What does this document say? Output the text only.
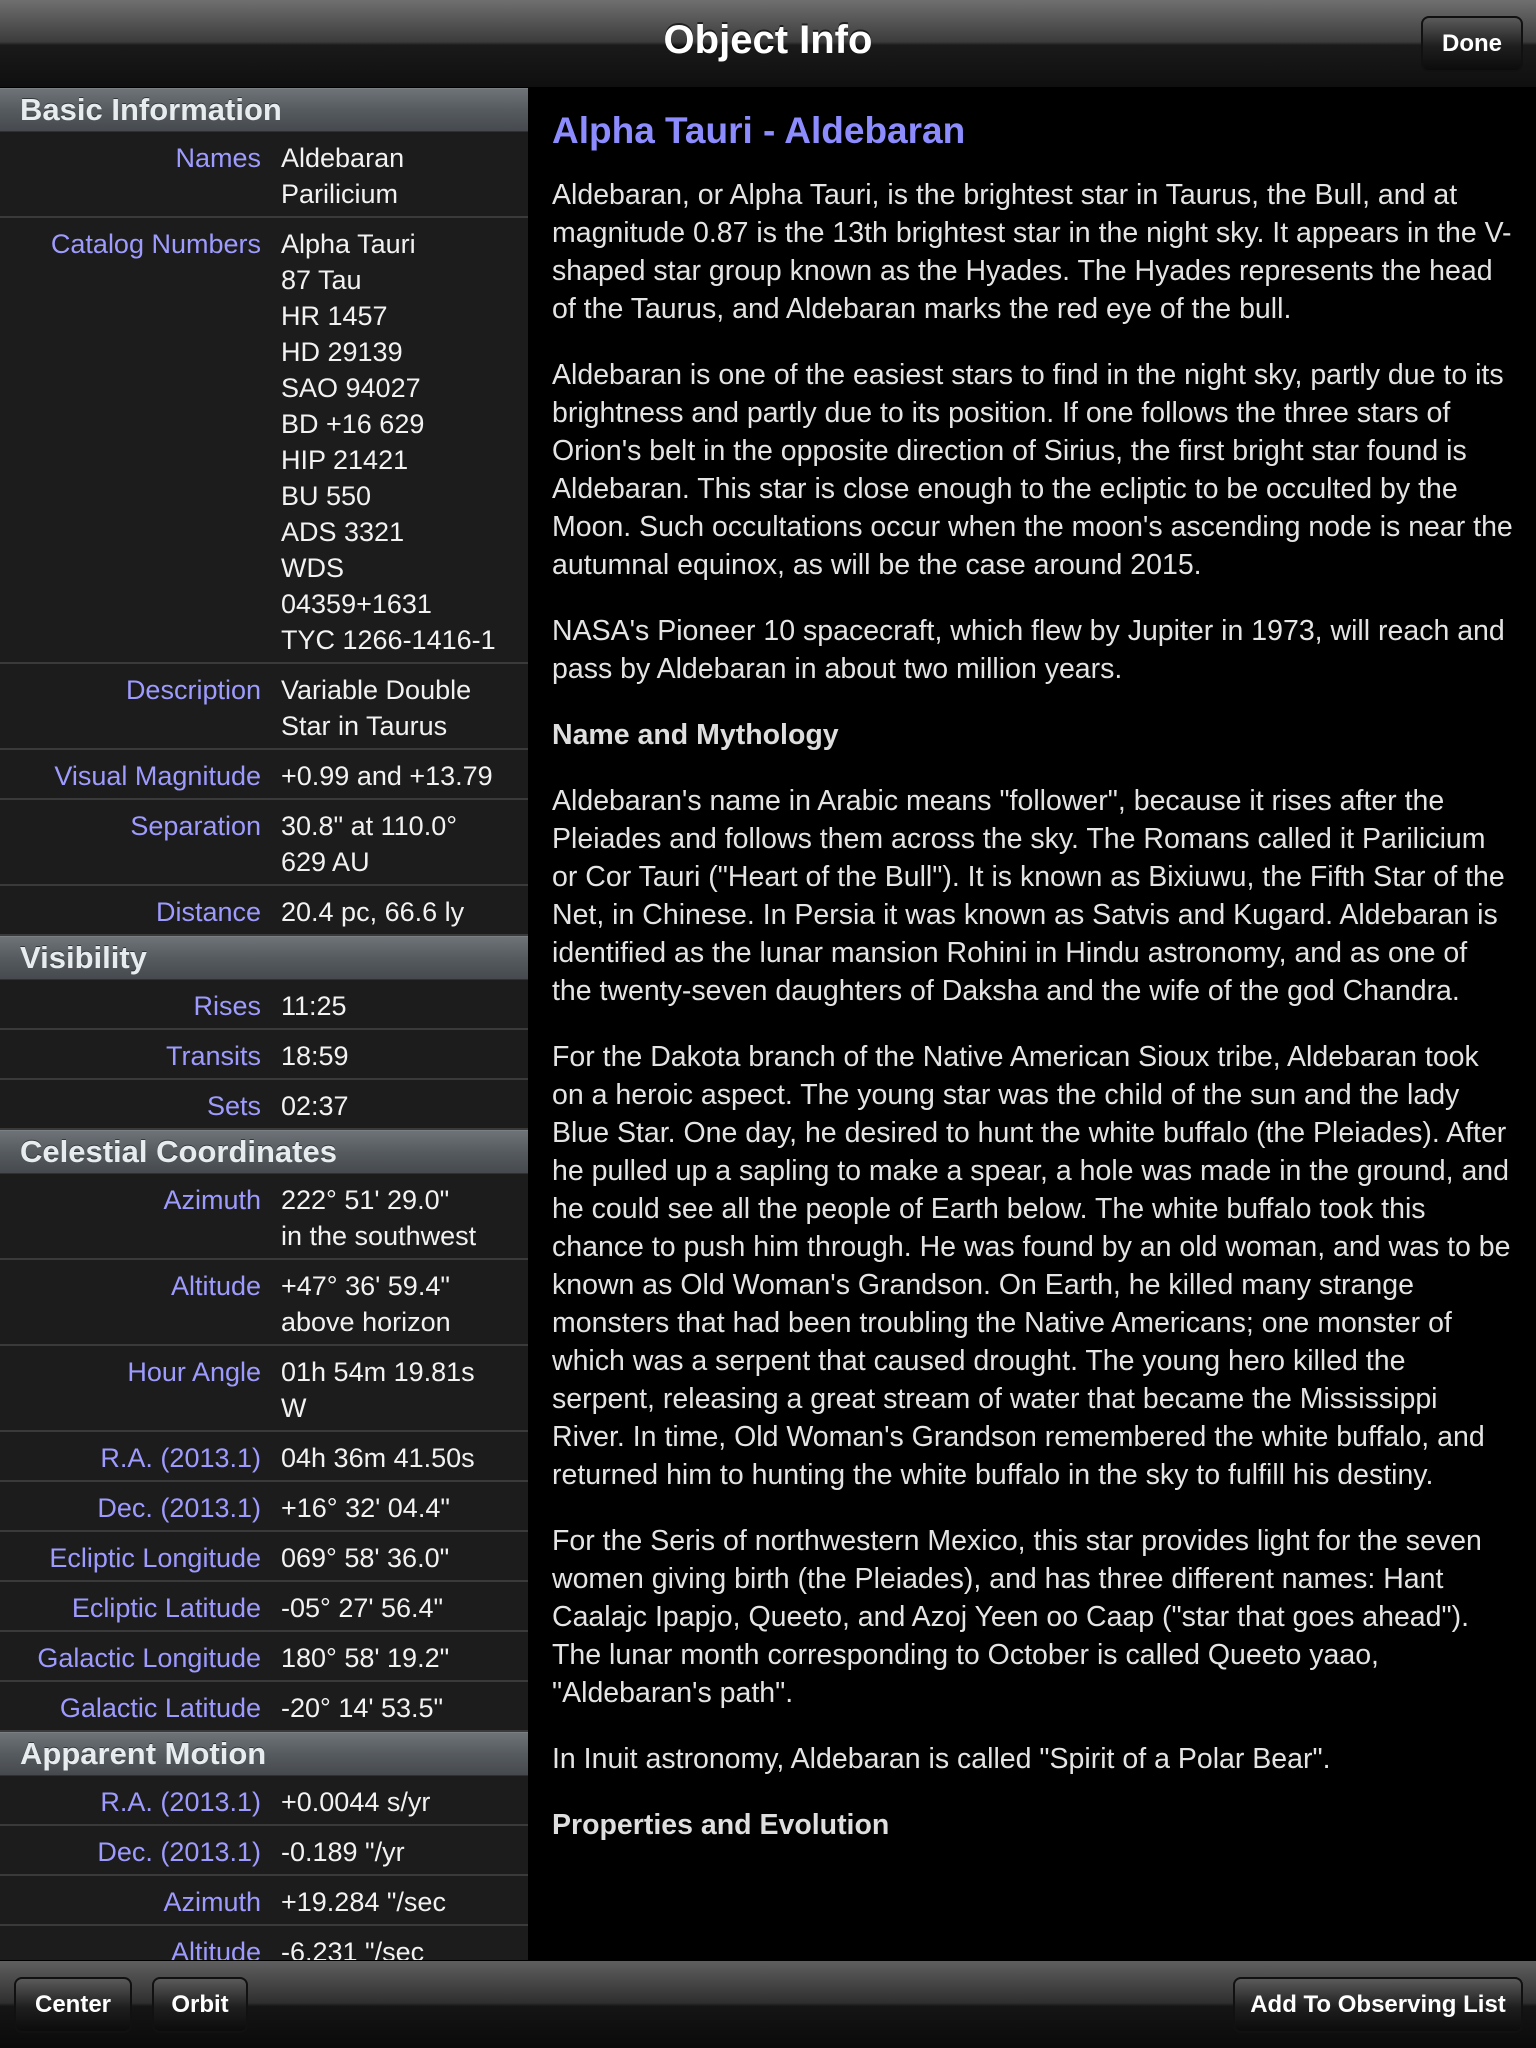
Object Info	Done
Basic Information
Names Aldebaran
Parilicium
Catalog Numbers Alpha Tauri
87 Tau
HR 1457
HD 29139
SAO 94027
BD +16 629
HIP 21421
BU 550
ADS 3321
WDS
04359+1631
TYC 1266-1416-1
Description Variable Double
Star in Taurus
Visual Magnitude +0.99 and +13.79
Separation 30.8" at 110.0°
629 AU
Distance 20.4 pc, 66.6 ly
Visibility
Rises 11:25
Transits 18:59
Sets 02:37
Celestial Coordinates
Azimuth 222° 51' 29.0"
in the southwest
Altitude +47° 36' 59.4"
above horizon
Hour Angle 01h 54m 19.81s
W
R.A. (2013.1) 04h 36m 41.50s
Dec. (2013.1) +16° 32' 04.4"
Ecliptic Longitude 069° 58' 36.0"
Ecliptic Latitude -05° 27' 56.4"
Galactic Longitude 180° 58' 19.2"
Galactic Latitude -20° 14' 53.5"
Apparent Motion
R.A. (2013.1) +0.0044 s/yr
Dec. (2013.1) -0.189 "/yr
Azimuth +19.284 "/sec
Altitude -6.231 "/sec
Alpha Tauri - Aldebaran
Aldebaran, or Alpha Tauri, is the brightest star in Taurus, the Bull, and at magnitude 0.87 is the 13th brightest star in the night sky. It appears in the V-shaped star group known as the Hyades. The Hyades represents the head of the Taurus, and Aldebaran marks the red eye of the bull.
Aldebaran is one of the easiest stars to find in the night sky, partly due to its brightness and partly due to its position. If one follows the three stars of Orion's belt in the opposite direction of Sirius, the first bright star found is Aldebaran. This star is close enough to the ecliptic to be occulted by the Moon. Such occultations occur when the moon's ascending node is near the autumnal equinox, as will be the case around 2015.
NASA's Pioneer 10 spacecraft, which flew by Jupiter in 1973, will reach and pass by Aldebaran in about two million years.
Name and Mythology
Aldebaran's name in Arabic means "follower", because it rises after the Pleiades and follows them across the sky. The Romans called it Parilicium or Cor Tauri ("Heart of the Bull"). It is known as Bixiuwu, the Fifth Star of the Net, in Chinese. In Persia it was known as Satvis and Kugard. Aldebaran is identified as the lunar mansion Rohini in Hindu astronomy, and as one of the twenty-seven daughters of Daksha and the wife of the god Chandra.
For the Dakota branch of the Native American Sioux tribe, Aldebaran took on a heroic aspect. The young star was the child of the sun and the lady Blue Star. One day, he desired to hunt the white buffalo (the Pleiades). After he pulled up a sapling to make a spear, a hole was made in the ground, and he could see all the people of Earth below. The white buffalo took this chance to push him through. He was found by an old woman, and was to be known as Old Woman's Grandson. On Earth, he killed many strange monsters that had been troubling the Native Americans; one monster of which was a serpent that caused drought. The young hero killed the serpent, releasing a great stream of water that became the Mississippi River. In time, Old Woman's Grandson remembered the white buffalo, and returned him to hunting the white buffalo in the sky to fulfill his destiny.
For the Seris of northwestern Mexico, this star provides light for the seven women giving birth (the Pleiades), and has three different names: Hant Caalajc Ipapjo, Queeto, and Azoj Yeen oo Caap ("star that goes ahead"). The lunar month corresponding to October is called Queeto yaao, "Aldebaran's path".
In Inuit astronomy, Aldebaran is called "Spirit of a Polar Bear".
Properties and Evolution
Center	Orbit	Add To Observing List
